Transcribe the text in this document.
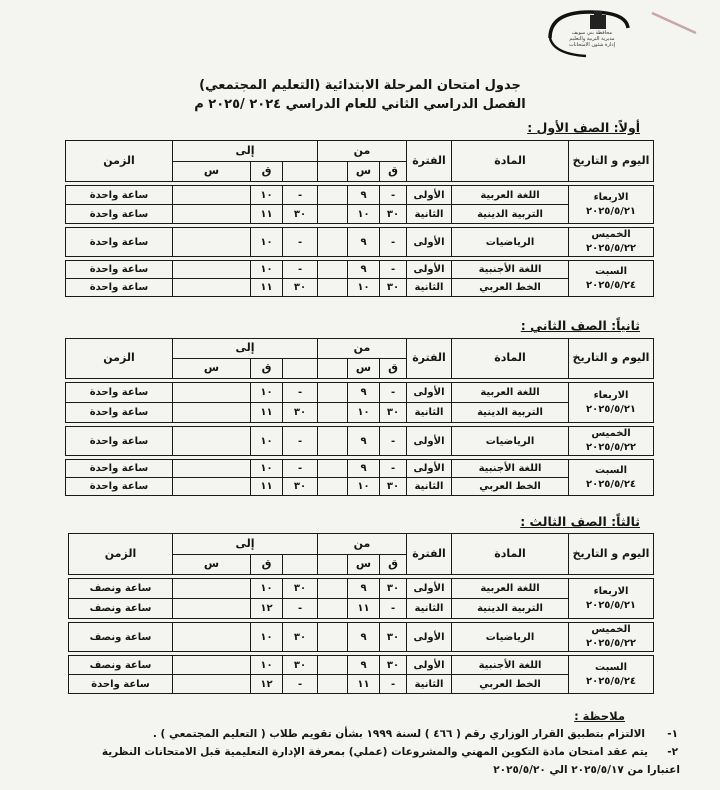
محافظة بني سويف
مديرية التربية والتعليم
إدارة شئون الامتحانات
جدول امتحان المرحلة الابتدائية (التعليم المجتمعي)
الفصل الدراسي الثاني للعام الدراسي ٢٠٢٤ /٢٠٢٥ م
أولاً: الصف الأول :
اليوم و التاريخ	المادة	الفترة	من			إلى			الزمن	
			ق	س			ق	س		

الاربعاء
٢٠٢٥/٥/٢١	اللغة العربية	الأولى	-	٩		-	١٠		ساعة واحدة	
	التربية الدينية	الثانية	٣٠	١٠		٣٠	١١		ساعة واحدة	

الخميس
٢٠٢٥/٥/٢٢	الرياضيات	الأولى	-	٩		-	١٠		ساعة واحدة	

السبت
٢٠٢٥/٥/٢٤	اللغة الأجنبية	الأولى	-	٩		-	١٠		ساعة واحدة	
	الخط العربي	الثانية	٣٠	١٠		٣٠	١١		ساعة واحدة	
ثانياً: الصف الثاني :
اليوم و التاريخ	المادة	الفترة	من			إلى			الزمن	
			ق	س			ق	س		

الاربعاء
٢٠٢٥/٥/٢١	اللغة العربية	الأولى	-	٩		-	١٠		ساعة واحدة	
	التربية الدينية	الثانية	٣٠	١٠		٣٠	١١		ساعة واحدة	

الخميس
٢٠٢٥/٥/٢٢	الرياضيات	الأولى	-	٩		-	١٠		ساعة واحدة	

السبت
٢٠٢٥/٥/٢٤	اللغة الأجنبية	الأولى	-	٩		-	١٠		ساعة واحدة	
	الخط العربي	الثانية	٣٠	١٠		٣٠	١١		ساعة واحدة	
ثالثاً: الصف الثالث :
اليوم و التاريخ	المادة	الفترة	من			إلى			الزمن	
			ق	س			ق	س		

الاربعاء
٢٠٢٥/٥/٢١	اللغة العربية	الأولى	٣٠	٩		٣٠	١٠		ساعة ونصف	
	التربية الدينية	الثانية	-	١١		-	١٢		ساعة ونصف	

الخميس
٢٠٢٥/٥/٢٢	الرياضيات	الأولى	٣٠	٩		٣٠	١٠		ساعة ونصف	

السبت
٢٠٢٥/٥/٢٤	اللغة الأجنبية	الأولى	٣٠	٩		٣٠	١٠		ساعة ونصف	
	الخط العربي	الثانية	-	١١		-	١٢		ساعة واحدة	
ملاحظة :
١-
الالتزام بتطبيق القرار الوزاري رقم ( ٤٦٦ ) لسنة ١٩٩٩ بشأن تقويم طلاب ( التعليم المجتمعي ) .
٢-
يتم عقد امتحان مادة التكوين المهني والمشروعات (عملي) بمعرفة الإدارة التعليمية قبل الامتحانات النظرية
اعتبارا من ٢٠٢٥/٥/١٧ الي ٢٠٢٥/٥/٢٠
